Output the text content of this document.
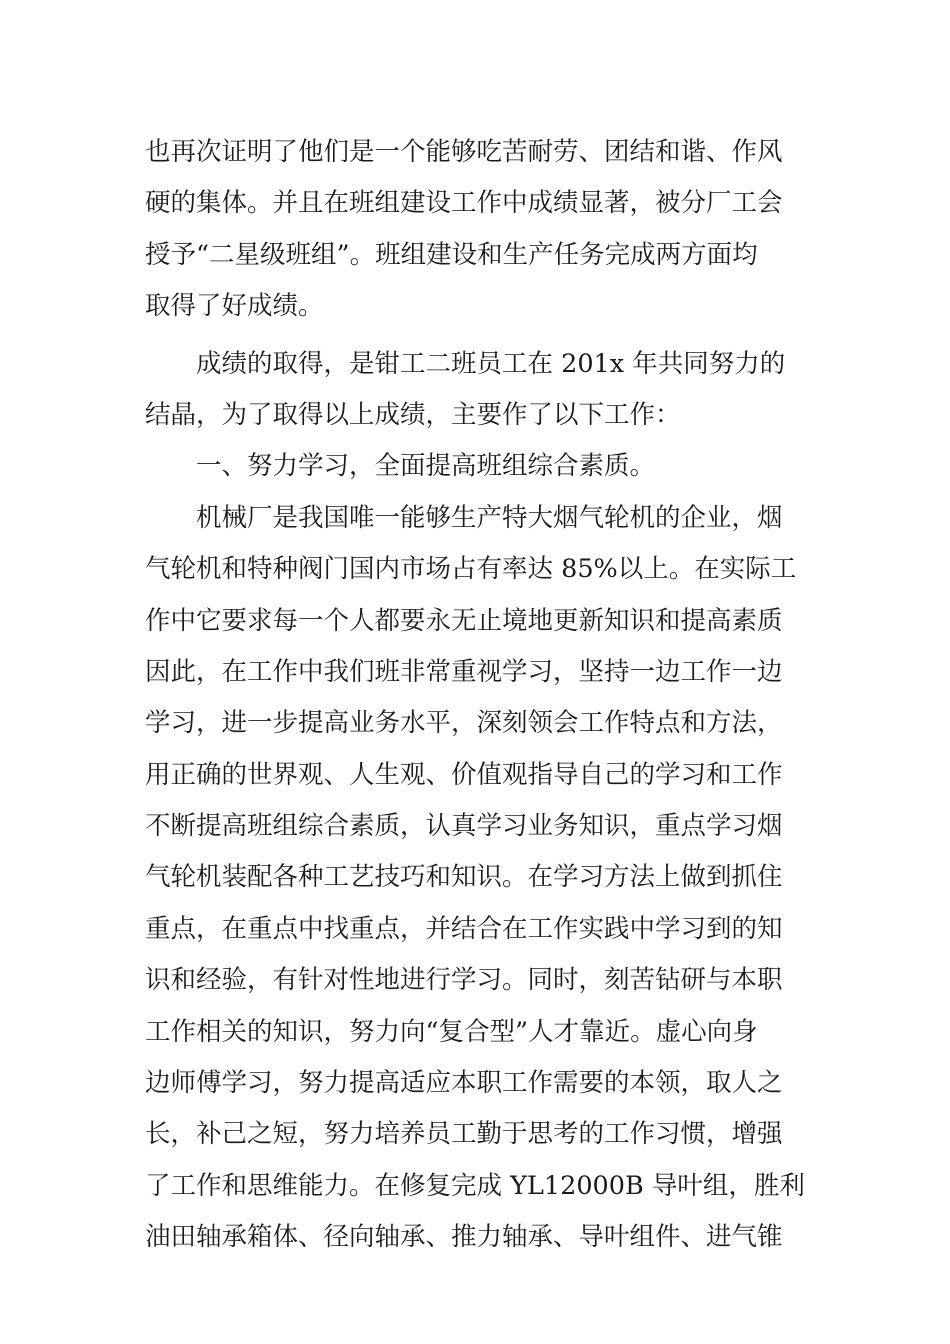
也再次证明了他们是一个能够吃苦耐劳、团结和谐、作风
硬的集体。并且在班组建设工作中成绩显著，被分厂工会
授予“二星级班组”。班组建设和生产任务完成两方面均
取得了好成绩。
成绩的取得，是钳工二班员工在 201x 年共同努力的
结晶，为了取得以上成绩，主要作了以下工作：
一、努力学习，全面提高班组综合素质。
机械厂是我国唯一能够生产特大烟气轮机的企业，烟
气轮机和特种阀门国内市场占有率达 85%以上。在实际工
作中它要求每一个人都要永无止境地更新知识和提高素质
因此，在工作中我们班非常重视学习，坚持一边工作一边
学习，进一步提高业务水平，深刻领会工作特点和方法，
用正确的世界观、人生观、价值观指导自己的学习和工作
不断提高班组综合素质，认真学习业务知识，重点学习烟
气轮机装配各种工艺技巧和知识。在学习方法上做到抓住
重点，在重点中找重点，并结合在工作实践中学习到的知
识和经验，有针对性地进行学习。同时，刻苦钻研与本职
工作相关的知识，努力向“复合型”人才靠近。虚心向身
边师傅学习，努力提高适应本职工作需要的本领，取人之
长，补己之短，努力培养员工勤于思考的工作习惯，增强
了工作和思维能力。在修复完成 YL12000B 导叶组，胜利
油田轴承箱体、径向轴承、推力轴承、导叶组件、进气锥
